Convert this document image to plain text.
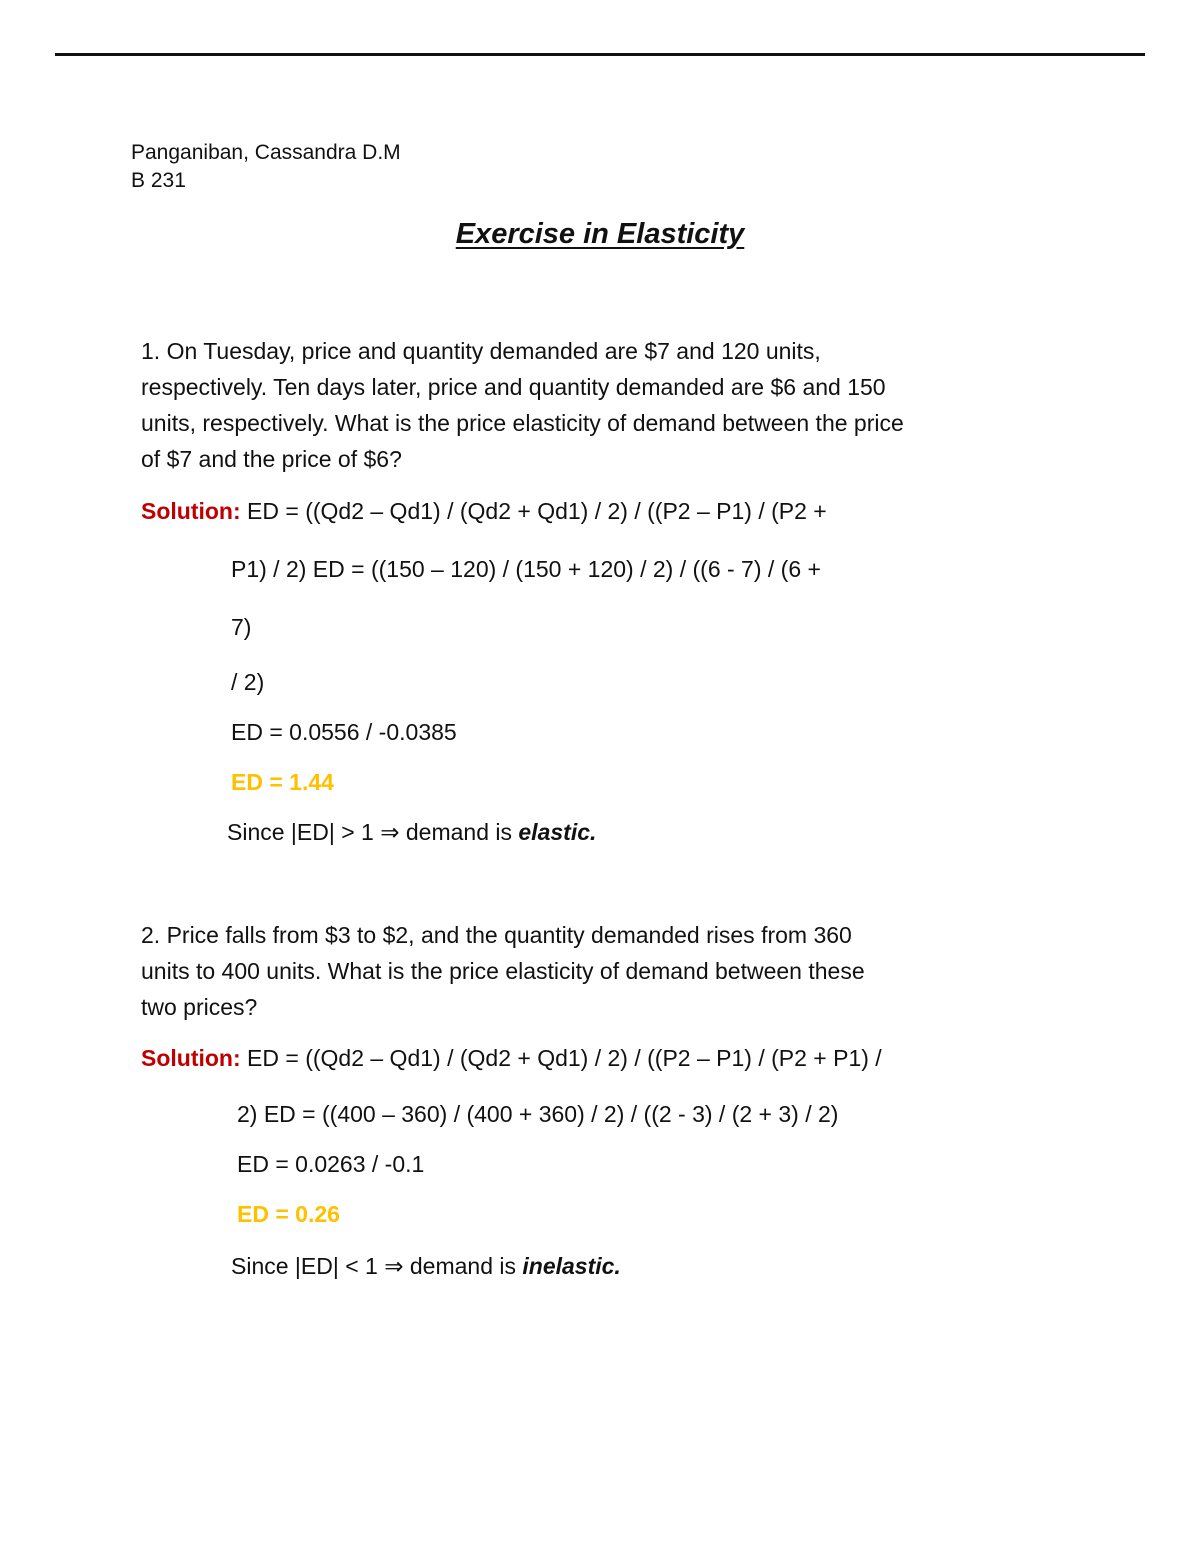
Panganiban, Cassandra D.M
B 231
Exercise in Elasticity
1. On Tuesday, price and quantity demanded are $7 and 120 units,
respectively. Ten days later, price and quantity demanded are $6 and 150
units, respectively. What is the price elasticity of demand between the price
of $7 and the price of $6?
Solution: ED = ((Qd2 – Qd1) / (Qd2 + Qd1) / 2) / ((P2 – P1) / (P2 +
P1) / 2) ED = ((150 – 120) / (150 + 120) / 2) / ((6 - 7) / (6 +
7)
/ 2)
ED = 0.0556 / -0.0385
ED = 1.44
Since |ED| > 1 ⇒ demand is elastic.
2. Price falls from $3 to $2, and the quantity demanded rises from 360
units to 400 units. What is the price elasticity of demand between these
two prices?
Solution: ED = ((Qd2 – Qd1) / (Qd2 + Qd1) / 2) / ((P2 – P1) / (P2 + P1) /
2) ED = ((400 – 360) / (400 + 360) / 2) / ((2 - 3) / (2 + 3) / 2)
ED = 0.0263 / -0.1
ED = 0.26
Since |ED| < 1 ⇒ demand is inelastic.
